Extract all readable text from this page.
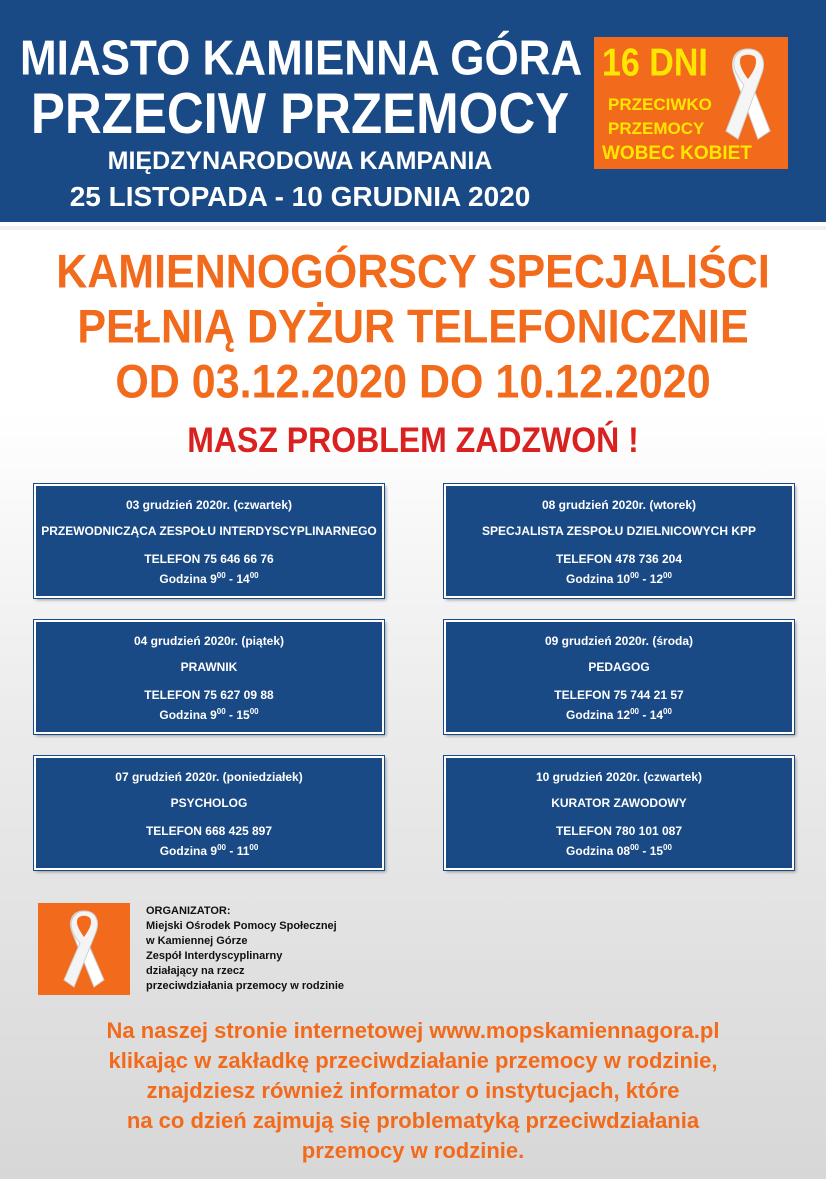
MIASTO KAMIENNA GÓRA
PRZECIW PRZEMOCY
MIĘDZYNARODOWA KAMPANIA
25 LISTOPADA - 10 GRUDNIA 2020
16 DNI
PRZECIWKO
PRZEMOCY
WOBEC KOBIET
KAMIENNOGÓRSCY SPECJALIŚCI
PEŁNIĄ DYŻUR TELEFONICZNIE
OD 03.12.2020 DO 10.12.2020
MASZ PROBLEM ZADZWOŃ !
03 grudzień 2020r. (czwartek)
PRZEWODNICZĄCA ZESPOŁU INTERDYSCYPLINARNEGO
TELEFON 75 646 66 76
Godzina $9^{00} - 14^{00}$
08 grudzień 2020r. (wtorek)
SPECJALISTA ZESPOŁU DZIELNICOWYCH KPP
TELEFON 478 736 204
Godzina $10^{00} - 12^{00}$
04 grudzień 2020r. (piątek)
PRAWNIK
TELEFON 75 627 09 88
Godzina $9^{00} - 15^{00}$
09 grudzień 2020r. (środa)
PEDAGOG
TELEFON 75 744 21 57
Godzina $12^{00} - 14^{00}$
07 grudzień 2020r. (poniedziałek)
PSYCHOLOG
TELEFON 668 425 897
Godzina $9^{00} - 11^{00}$
10 grudzień 2020r. (czwartek)
KURATOR ZAWODOWY
TELEFON 780 101 087
Godzina $08^{00} - 15^{00}$
ORGANIZATOR:
Miejski Ośrodek Pomocy Społecznej
w Kamiennej Górze
Zespół Interdyscyplinarny
działający na rzecz
przeciwdziałania przemocy w rodzinie
Na naszej stronie internetowej www.mopskamiennagora.pl
klikając w zakładkę przeciwdziałanie przemocy w rodzinie,
znajdziesz również informator o instytucjach, które
na co dzień zajmują się problematyką przeciwdziałania
przemocy w rodzinie.
